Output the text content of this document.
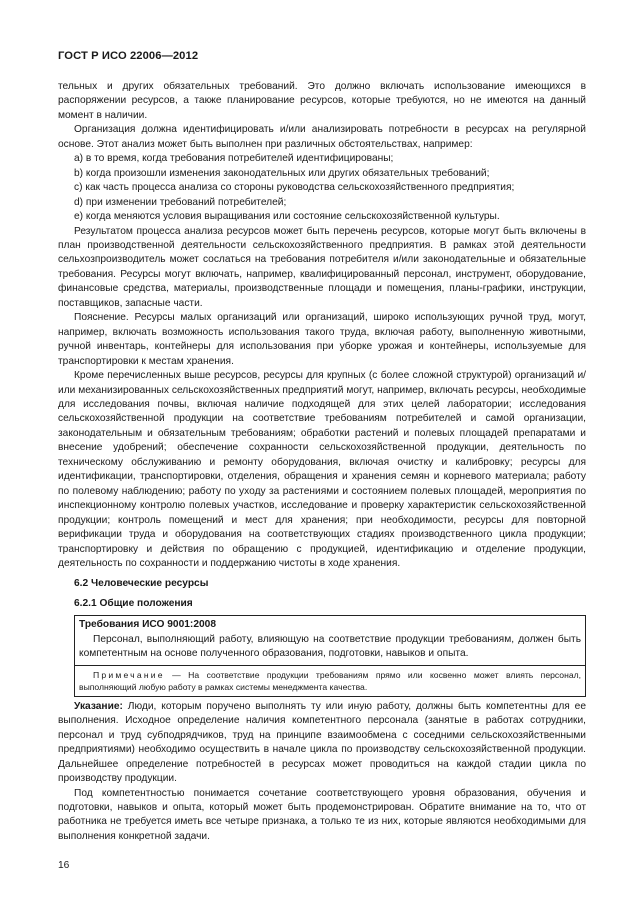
ГОСТ Р ИСО 22006—2012

тельных и других обязательных требований. Это должно включать использование имеющихся в распоряжении ресурсов, а также планирование ресурсов, которые требуются, но не имеются на данный момент в наличии.

Организация должна идентифицировать и/или анализировать потребности в ресурсах на регулярной основе. Этот анализ может быть выполнен при различных обстоятельствах, например:

a) в то время, когда требования потребителей идентифицированы;

b) когда произошли изменения законодательных или других обязательных требований;

c) как часть процесса анализа со стороны руководства сельскохозяйственного предприятия;

d) при изменении требований потребителей;

e) когда меняются условия выращивания или состояние сельскохозяйственной культуры.

Результатом процесса анализа ресурсов может быть перечень ресурсов, которые могут быть включены в план производственной деятельности сельскохозяйственного предприятия. В рамках этой деятельности сельхозпроизводитель может сослаться на требования потребителя и/или законодательные и обязательные требования. Ресурсы могут включать, например, квалифицированный персонал, инструмент, оборудование, финансовые средства, материалы, производственные площади и помещения, планы-графики, инструкции, поставщиков, запасные части.

Пояснение. Ресурсы малых организаций или организаций, широко использующих ручной труд, могут, например, включать возможность использования такого труда, включая работу, выполненную животными, ручной инвентарь, контейнеры для использования при уборке урожая и контейнеры, используемые для транспортировки к местам хранения.

Кроме перечисленных выше ресурсов, ресурсы для крупных (с более сложной структурой) организаций и/или механизированных сельскохозяйственных предприятий могут, например, включать ресурсы, необходимые для исследования почвы, включая наличие подходящей для этих целей лаборатории; исследования сельскохозяйственной продукции на соответствие требованиям потребителей и самой организации, законодательным и обязательным требованиям; обработки растений и полевых площадей препаратами и внесение удобрений; обеспечение сохранности сельскохозяйственной продукции, деятельность по техническому обслуживанию и ремонту оборудования, включая очистку и калибровку; ресурсы для идентификации, транспортировки, отделения, обращения и хранения семян и корневого материала; работу по полевому наблюдению; работу по уходу за растениями и состоянием полевых площадей, мероприятия по инспекционному контролю полевых участков, исследование и проверку характеристик сельскохозяйственной продукции; контроль помещений и мест для хранения; при необходимости, ресурсы для повторной верификации труда и оборудования на соответствующих стадиях производственного цикла продукции; транспортировку и действия по обращению с продукцией, идентификацию и отделение продукции, деятельность по сохранности и поддержанию чистоты в ходе хранения.

6.2 Человеческие ресурсы

6.2.1 Общие положения

Требования ИСО 9001:2008

Персонал, выполняющий работу, влияющую на соответствие продукции требованиям, должен быть компетентным на основе полученного образования, подготовки, навыков и опыта.

Примечание — На соответствие продукции требованиям прямо или косвенно может влиять персонал, выполняющий любую работу в рамках системы менеджмента качества.

Указание: Люди, которым поручено выполнять ту или иную работу, должны быть компетентны для ее выполнения. Исходное определение наличия компетентного персонала (занятые в работах сотрудники, персонал и труд субподрядчиков, труд на принципе взаимообмена с соседними сельскохозяйственными предприятиями) необходимо осуществить в начале цикла по производству сельскохозяйственной продукции. Дальнейшее определение потребностей в ресурсах может проводиться на каждой стадии цикла по производству продукции.

Под компетентностью понимается сочетание соответствующего уровня образования, обучения и подготовки, навыков и опыта, который может быть продемонстрирован. Обратите внимание на то, что от работника не требуется иметь все четыре признака, а только те из них, которые являются необходимыми для выполнения конкретной задачи.

16
